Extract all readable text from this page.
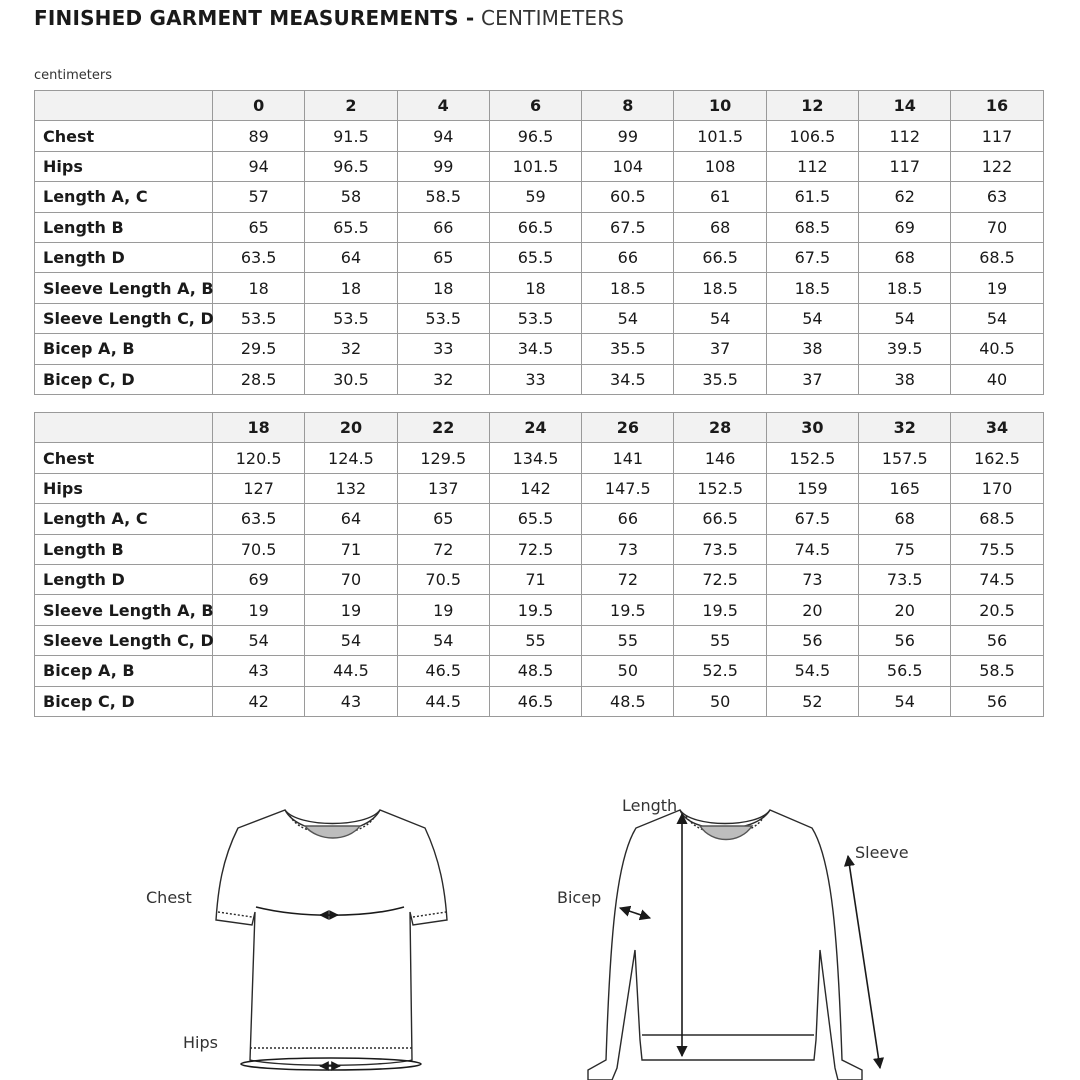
FINISHED GARMENT MEASUREMENTS - CENTIMETERS
centimeters
	0	2	4	6	8	10	12	14	16
Chest	89	91.5	94	96.5	99	101.5	106.5	112	117
Hips	94	96.5	99	101.5	104	108	112	117	122
Length A, C	57	58	58.5	59	60.5	61	61.5	62	63
Length B	65	65.5	66	66.5	67.5	68	68.5	69	70
Length D	63.5	64	65	65.5	66	66.5	67.5	68	68.5
Sleeve Length A, B	18	18	18	18	18.5	18.5	18.5	18.5	19
Sleeve Length C, D	53.5	53.5	53.5	53.5	54	54	54	54	54
Bicep A, B	29.5	32	33	34.5	35.5	37	38	39.5	40.5
Bicep C, D	28.5	30.5	32	33	34.5	35.5	37	38	40
	18	20	22	24	26	28	30	32	34
Chest	120.5	124.5	129.5	134.5	141	146	152.5	157.5	162.5
Hips	127	132	137	142	147.5	152.5	159	165	170
Length A, C	63.5	64	65	65.5	66	66.5	67.5	68	68.5
Length B	70.5	71	72	72.5	73	73.5	74.5	75	75.5
Length D	69	70	70.5	71	72	72.5	73	73.5	74.5
Sleeve Length A, B	19	19	19	19.5	19.5	19.5	20	20	20.5
Sleeve Length C, D	54	54	54	55	55	55	56	56	56
Bicep A, B	43	44.5	46.5	48.5	50	52.5	54.5	56.5	58.5
Bicep C, D	42	43	44.5	46.5	48.5	50	52	54	56
Chest
Hips
Length
Sleeve
Bicep
